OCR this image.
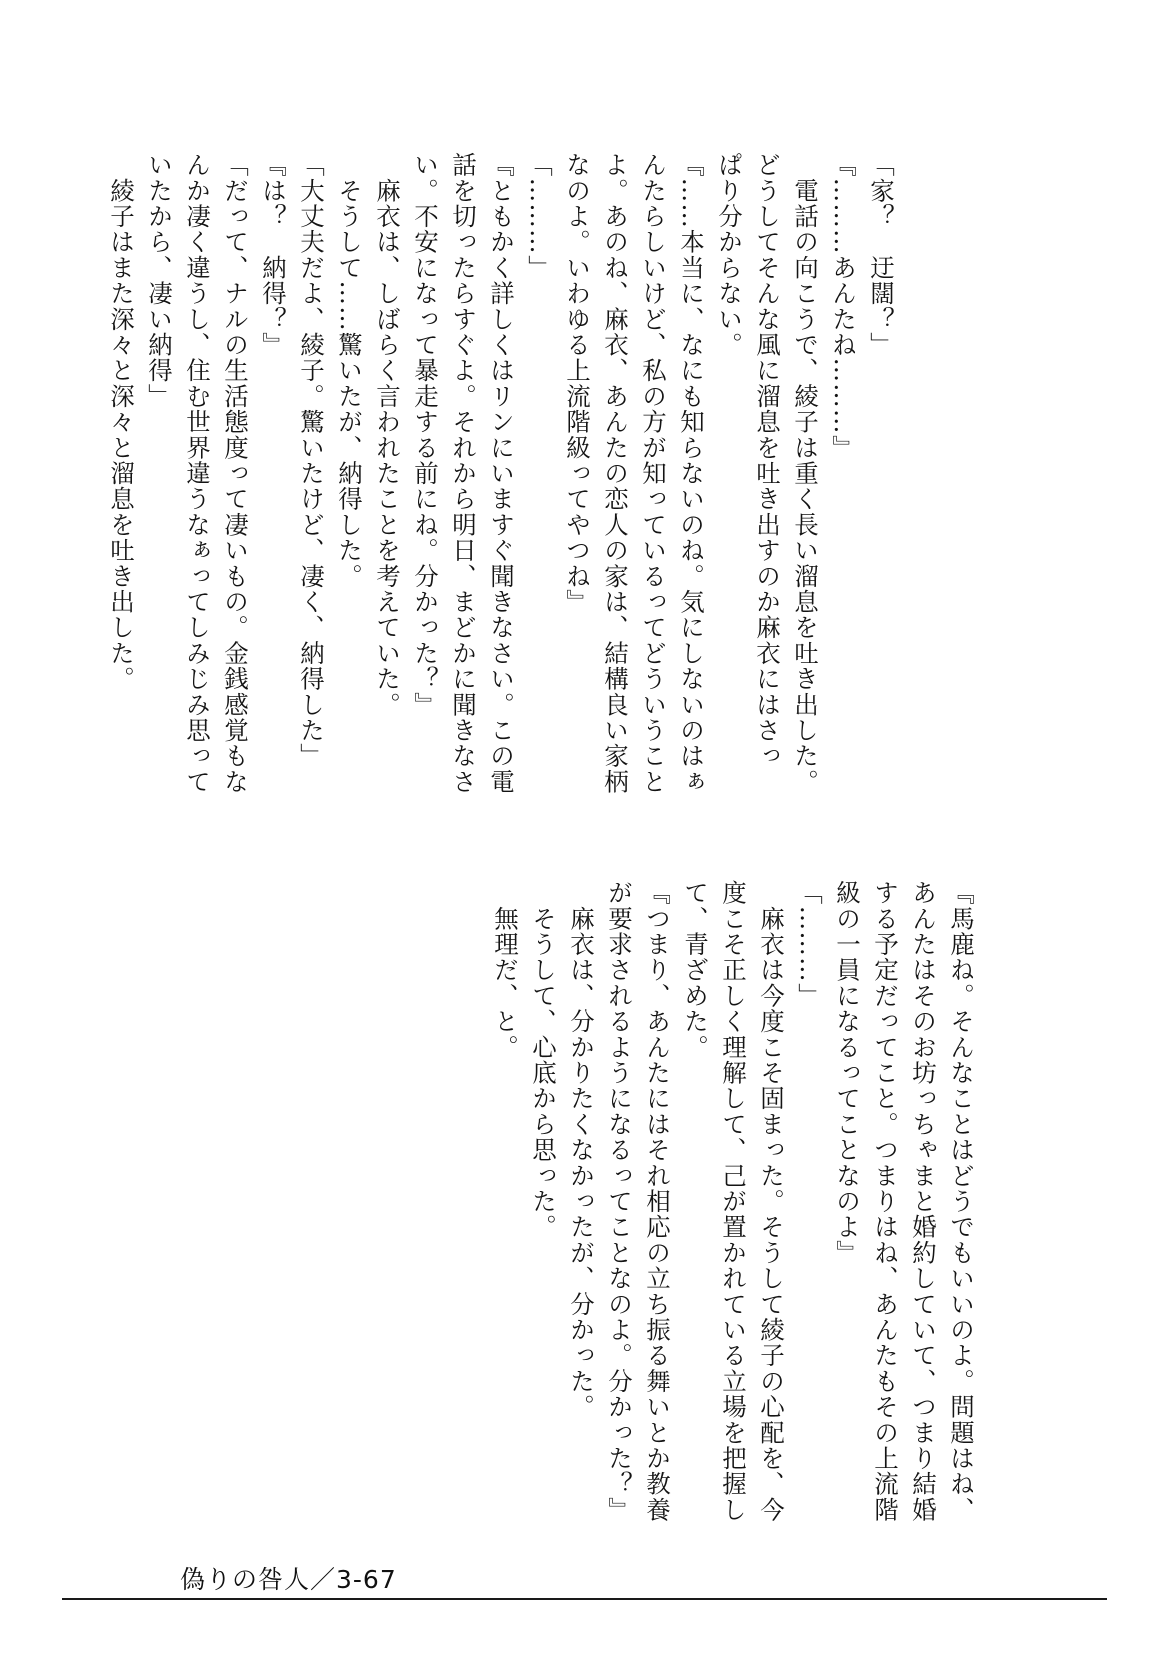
「家？　迂闊？」
『………あんたね………』
　電話の向こうで、綾子は重く長い溜息を吐き出した。
どうしてそんな風に溜息を吐き出すのか麻衣にはさっ
ぱり分からない。
『……本当に、なにも知らないのね。気にしないのはぁ
んたらしいけど、私の方が知っているってどういうこと
よ。あのね、麻衣、あんたの恋人の家は、結構良い家柄
なのよ。いわゆる上流階級ってやつね』
「………」
『ともかく詳しくはリンにいますぐ聞きなさい。この電
話を切ったらすぐよ。それから明日、まどかに聞きなさ
い。不安になって暴走する前にね。分かった？』
　麻衣は、しばらく言われたことを考えていた。
　そうして……驚いたが、納得した。
「大丈夫だよ、綾子。驚いたけど、凄く、納得した」
『は？　納得？』
「だって、ナルの生活態度って凄いもの。金銭感覚もな
んか凄く違うし、住む世界違うなぁってしみじみ思って
いたから、凄い納得」
　綾子はまた深々と深々と溜息を吐き出した。
『馬鹿ね。そんなことはどうでもいいのよ。問題はね、
あんたはそのお坊っちゃまと婚約していて、つまり結婚
する予定だってこと。つまりはね、あんたもその上流階
級の一員になるってことなのよ』
「………」
　麻衣は今度こそ固まった。そうして綾子の心配を、今
度こそ正しく理解して、己が置かれている立場を把握し
て、青ざめた。
『つまり、あんたにはそれ相応の立ち振る舞いとか教養
が要求されるようになるってことなのよ。分かった？』
　麻衣は、分かりたくなかったが、分かった。
　そうして、心底から思った。
　無理だ、と。
偽りの咎人／3-67
